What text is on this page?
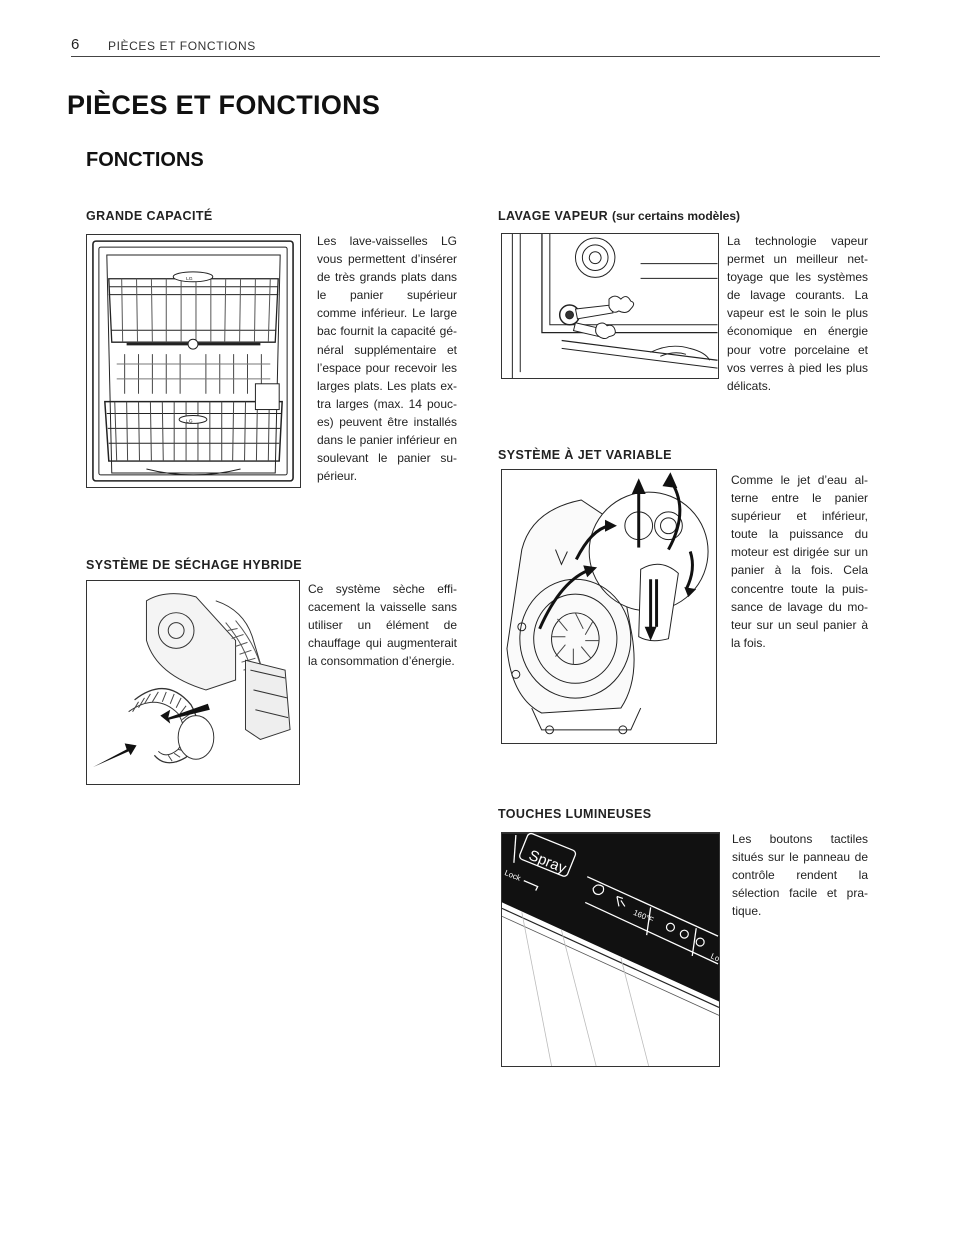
6 PIÈCES ET FONCTIONS
PIÈCES ET FONCTIONS
FONCTIONS
GRANDE CAPACITÉ
LG
LG
Les lave-vaisselles LG vous permettent d’insérer de très grands plats dans le panier supérieur comme inférieur. Le large bac fournit la capacité général supplémentaire et l’espace pour recevoir les larges plats. Les plats extra larges (max. 14 pouces) peuvent être installés dans le panier inférieur en soulevant le panier supérieur.
LAVAGE VAPEUR (sur certains modèles)
La technologie vapeur permet un meilleur nettoyage que les systèmes de lavage courants. La vapeur est le soin le plus économique en énergie pour votre porcelaine et vos verres à pied les plus délicats.
SYSTÈME DE SÉCHAGE HYBRIDE
Ce système sèche efficacement la vaisselle sans utiliser un élément de chauffage qui augmenterait la consommation d’énergie.
SYSTÈME À JET VARIABLE
Comme le jet d’eau alterne entre le panier supérieur et inférieur, toute la puissance du moteur est dirigée sur un panier à la fois. Cela concentre toute la puissance de lavage du moteur sur un seul panier à la fois.
TOUCHES LUMINEUSES
Spray
Lock
160°F
Lo
Les boutons tactiles situés sur le panneau de contrôle rendent la sélection facile et pratique.
